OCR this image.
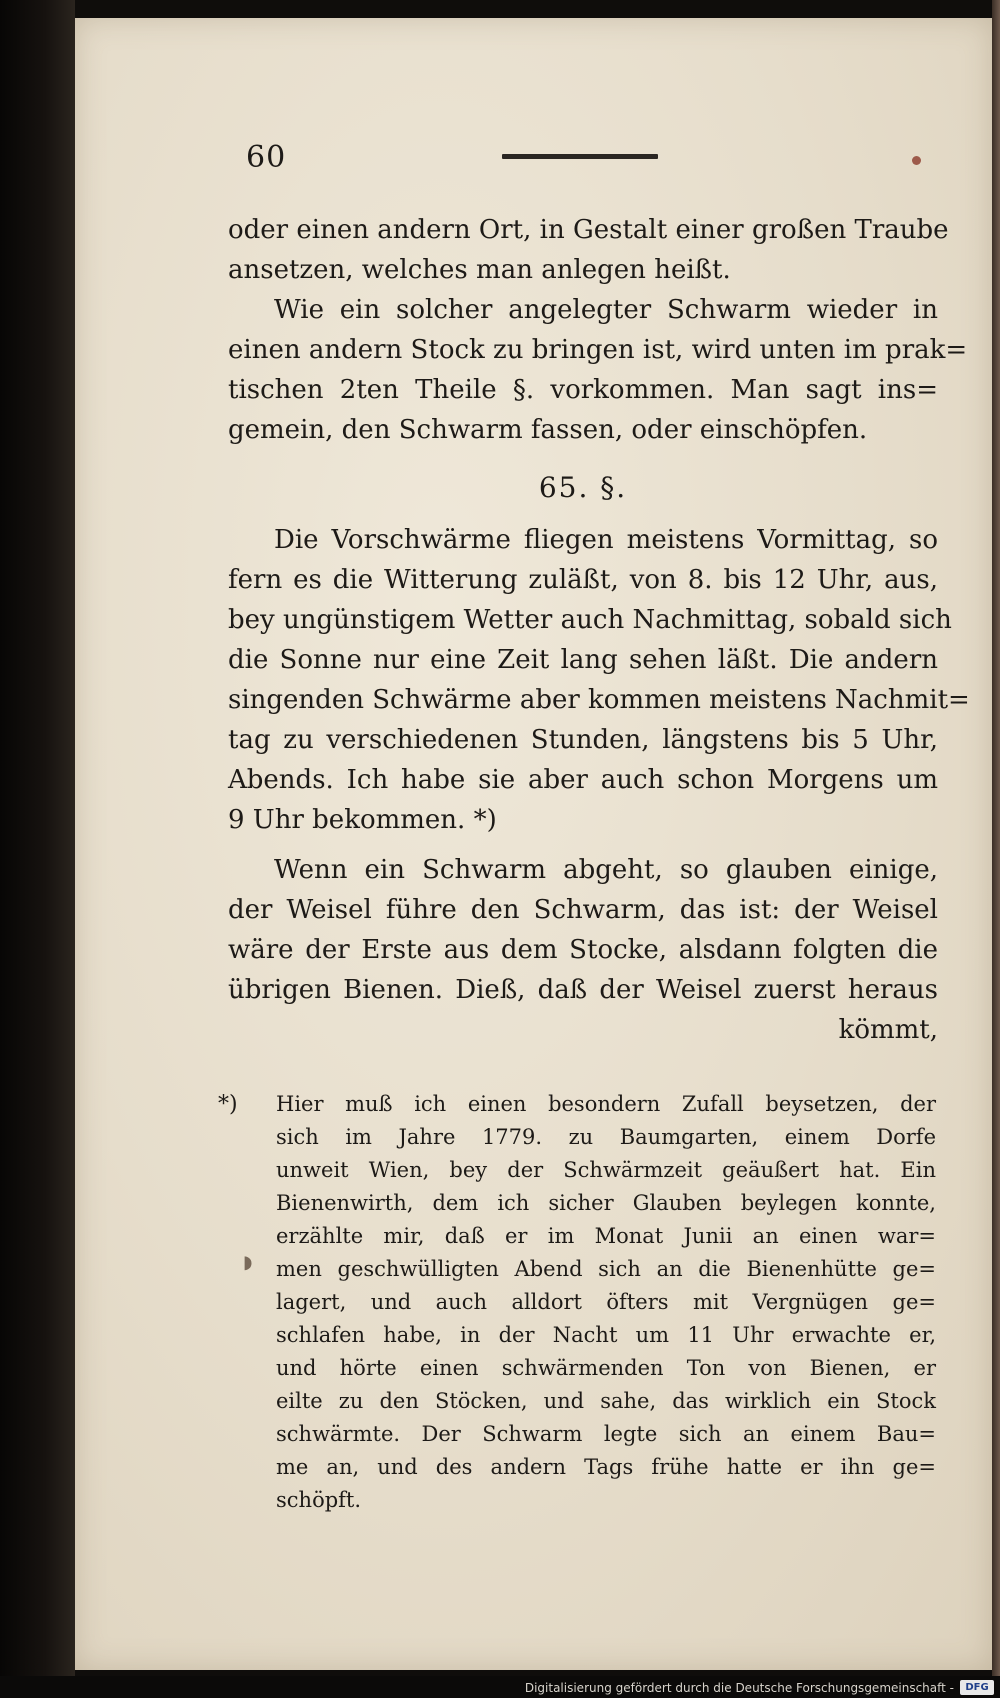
60

oder einen andern Ort, in Gestalt einer großen Traube
ansetzen, welches man anlegen heißt.

Wie ein solcher angelegter Schwarm wieder in
einen andern Stock zu bringen ist, wird unten im prak=
tischen 2ten Theile §. vorkommen. Man sagt ins=
gemein, den Schwarm fassen, oder einschöpfen.

65. §.

Die Vorschwärme fliegen meistens Vormittag, so
fern es die Witterung zuläßt, von 8. bis 12 Uhr, aus,
bey ungünstigem Wetter auch Nachmittag, sobald sich
die Sonne nur eine Zeit lang sehen läßt. Die andern
singenden Schwärme aber kommen meistens Nachmit=
tag zu verschiedenen Stunden, längstens bis 5 Uhr,
Abends. Ich habe sie aber auch schon Morgens um
9 Uhr bekommen. *)

Wenn ein Schwarm abgeht, so glauben einige,
der Weisel führe den Schwarm, das ist: der Weisel
wäre der Erste aus dem Stocke, alsdann folgten die
übrigen Bienen. Dieß, daß der Weisel zuerst heraus
kömmt,

*) Hier muß ich einen besondern Zufall beysetzen, der
sich im Jahre 1779. zu Baumgarten, einem Dorfe
unweit Wien, bey der Schwärmzeit geäußert hat. Ein
Bienenwirth, dem ich sicher Glauben beylegen konnte,
erzählte mir, daß er im Monat Junii an einen war=
men geschwülligten Abend sich an die Bienenhütte ge=
lagert, und auch alldort öfters mit Vergnügen ge=
schlafen habe, in der Nacht um 11 Uhr erwachte er,
und hörte einen schwärmenden Ton von Bienen, er
eilte zu den Stöcken, und sahe, das wirklich ein Stock
schwärmte. Der Schwarm legte sich an einem Bau=
me an, und des andern Tags frühe hatte er ihn ge=
schöpft.
◗
Digitalisierung gefördert durch die Deutsche Forschungsgemeinschaft -	DFG
